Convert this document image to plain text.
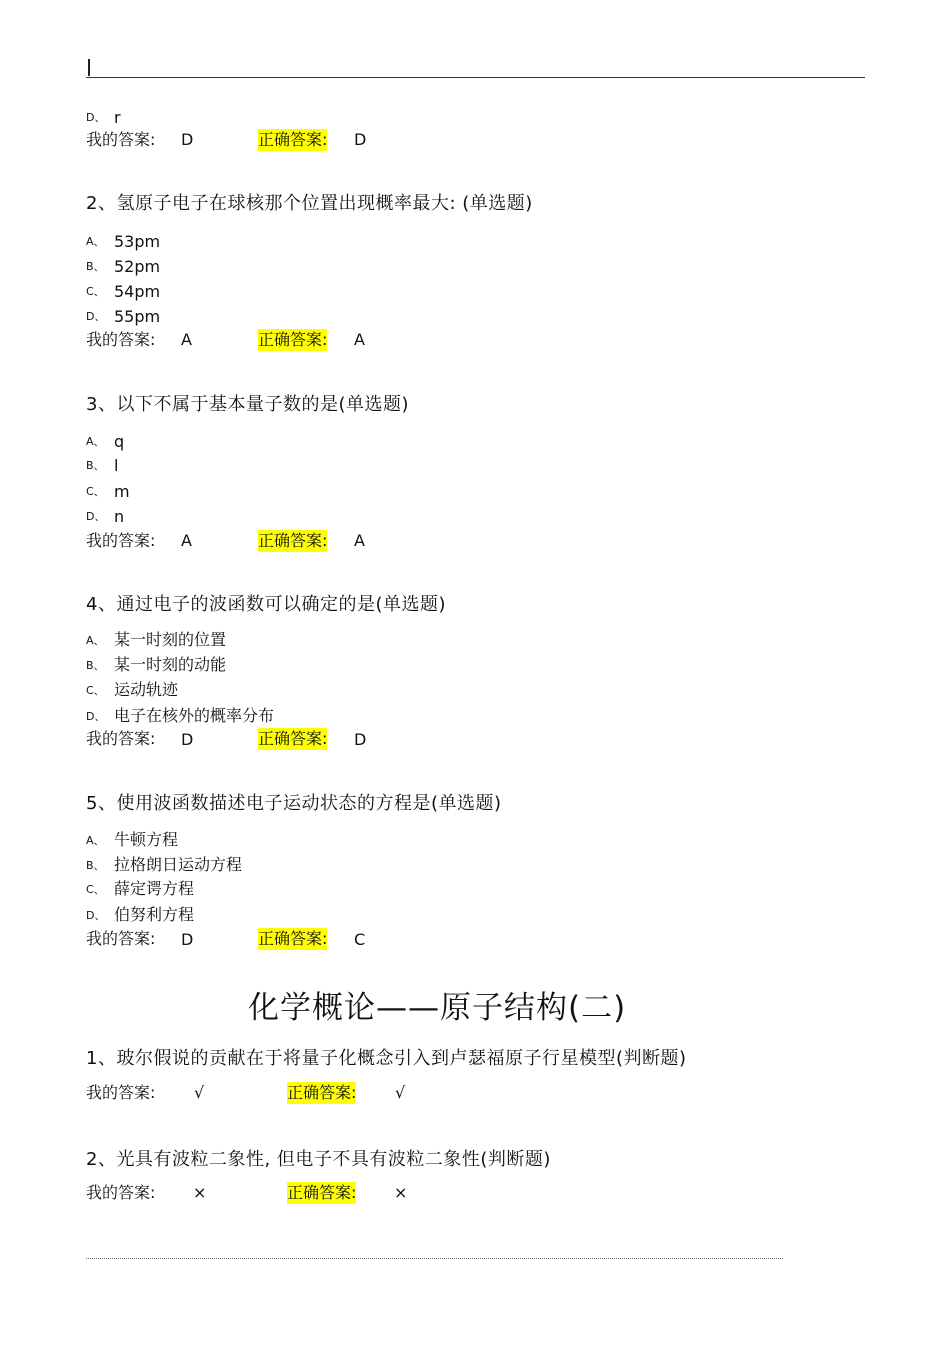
D、 r
我的答案: D	正确答案: D
2、氢原子电子在球核那个位置出现概率最大: (单选题)
A、 53pm
B、 52pm
C、 54pm
D、 55pm
我的答案: A	正确答案: A
3、以下不属于基本量子数的是(单选题)
A、 q
B、 l
C、 m
D、 n
我的答案: A	正确答案: A
4、通过电子的波函数可以确定的是(单选题)
A、 某一时刻的位置
B、 某一时刻的动能
C、 运动轨迹
D、 电子在核外的概率分布
我的答案: D	正确答案: D
5、使用波函数描述电子运动状态的方程是(单选题)
A、 牛顿方程
B、 拉格朗日运动方程
C、 薛定谔方程
D、 伯努利方程
我的答案: D	正确答案: C
化学概论——原子结构(二)
1、玻尔假说的贡献在于将量子化概念引入到卢瑟福原子行星模型(判断题)
我的答案: √	正确答案: √
2、光具有波粒二象性, 但电子不具有波粒二象性(判断题)
我的答案: ×	正确答案: ×
